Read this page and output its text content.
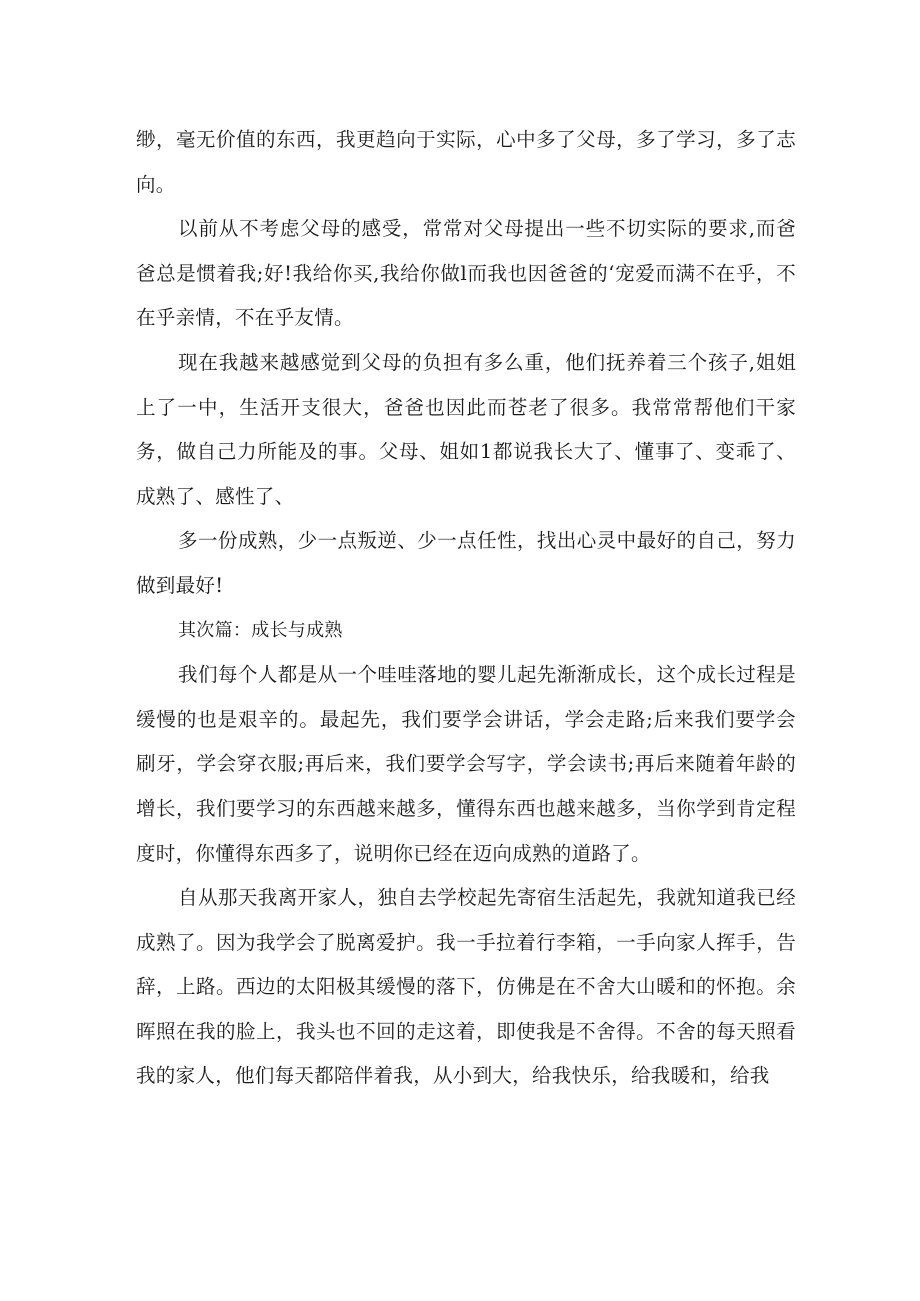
缈，毫无价值的东西，我更趋向于实际，心中多了父母，多了学习，多了志向。

以前从不考虑父母的感受，常常对父母提出一些不切实际的要求,而爸爸总是惯着我;好!我给你买,我给你做l而我也因爸爸的‘宠爱而满不在乎，不在乎亲情，不在乎友情。

现在我越来越感觉到父母的负担有多么重，他们抚养着三个孩子,姐姐上了一中，生活开支很大，爸爸也因此而苍老了很多。我常常帮他们干家务，做自己力所能及的事。父母、姐如1都说我长大了、懂事了、变乖了、成熟了、感性了、

多一份成熟，少一点叛逆、少一点任性，找出心灵中最好的自己，努力做到最好!

其次篇：成长与成熟

我们每个人都是从一个哇哇落地的婴儿起先渐渐成长，这个成长过程是缓慢的也是艰辛的。最起先，我们要学会讲话，学会走路;后来我们要学会刷牙，学会穿衣服;再后来，我们要学会写字，学会读书;再后来随着年龄的增长，我们要学习的东西越来越多，懂得东西也越来越多，当你学到肯定程度时，你懂得东西多了，说明你已经在迈向成熟的道路了。

自从那天我离开家人，独自去学校起先寄宿生活起先，我就知道我已经成熟了。因为我学会了脱离爱护。我一手拉着行李箱，一手向家人挥手，告辞，上路。西边的太阳极其缓慢的落下，仿佛是在不舍大山暖和的怀抱。余晖照在我的脸上，我头也不回的走这着，即使我是不舍得。不舍的每天照看我的家人，他们每天都陪伴着我，从小到大，给我快乐，给我暖和，给我
